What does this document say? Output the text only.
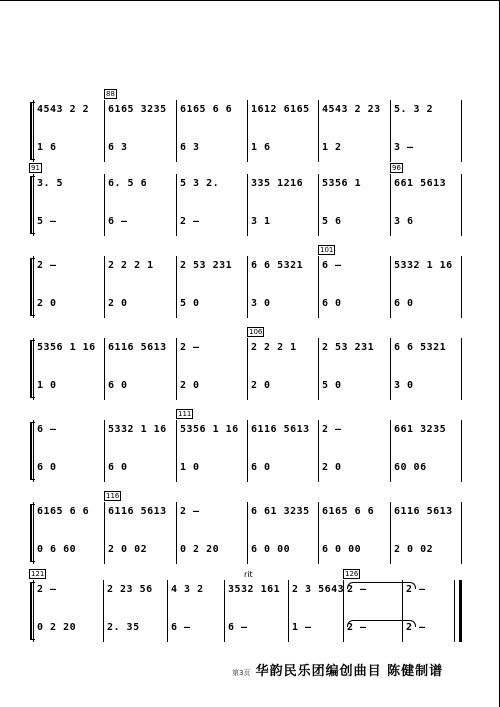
4543 2 2
1 6
6165 3235
6 3
6165 6 6
6 3
1612 6165
1 6
4543 2 23
1 2
5. 3 2
3 –
88
3. 5
5 –
6. 5 6
6 –
5 3 2.
2 –
335 1216
3 1
5356 1
5 6
661 5613
3 6
91	96
2 –
2 0
2 2 2 1
2 0
2 53 231
5 0
6 6 5321
3 0
6 –
6 0
5332 1 16
6 0
101
5356 1 16
1 0
6116 5613
6 0
2 –
2 0
2 2 2 1
2 0
2 53 231
5 0
6 6 5321
3 0
106
6 –
6 0
5332 1 16
6 0
5356 1 16
1 0
6116 5613
6 0
2 –
2 0
661 3235
60 06
111
6165 6 6
0 6 60
6116 5613
2 0 02
2 –
0 2 20
6 61 3235
6 0 00
6165 6 6
6 0 00
6116 5613
2 0 02
116
2 –
0 2 20
2 23 56
2. 35
4 3 2
6 –
3532 161
6 –
2 3 5643
1 –
2 –
2 –
2 –
2 –
121	126
rit
第3页 华韵民乐团编创曲目 陈健制谱
